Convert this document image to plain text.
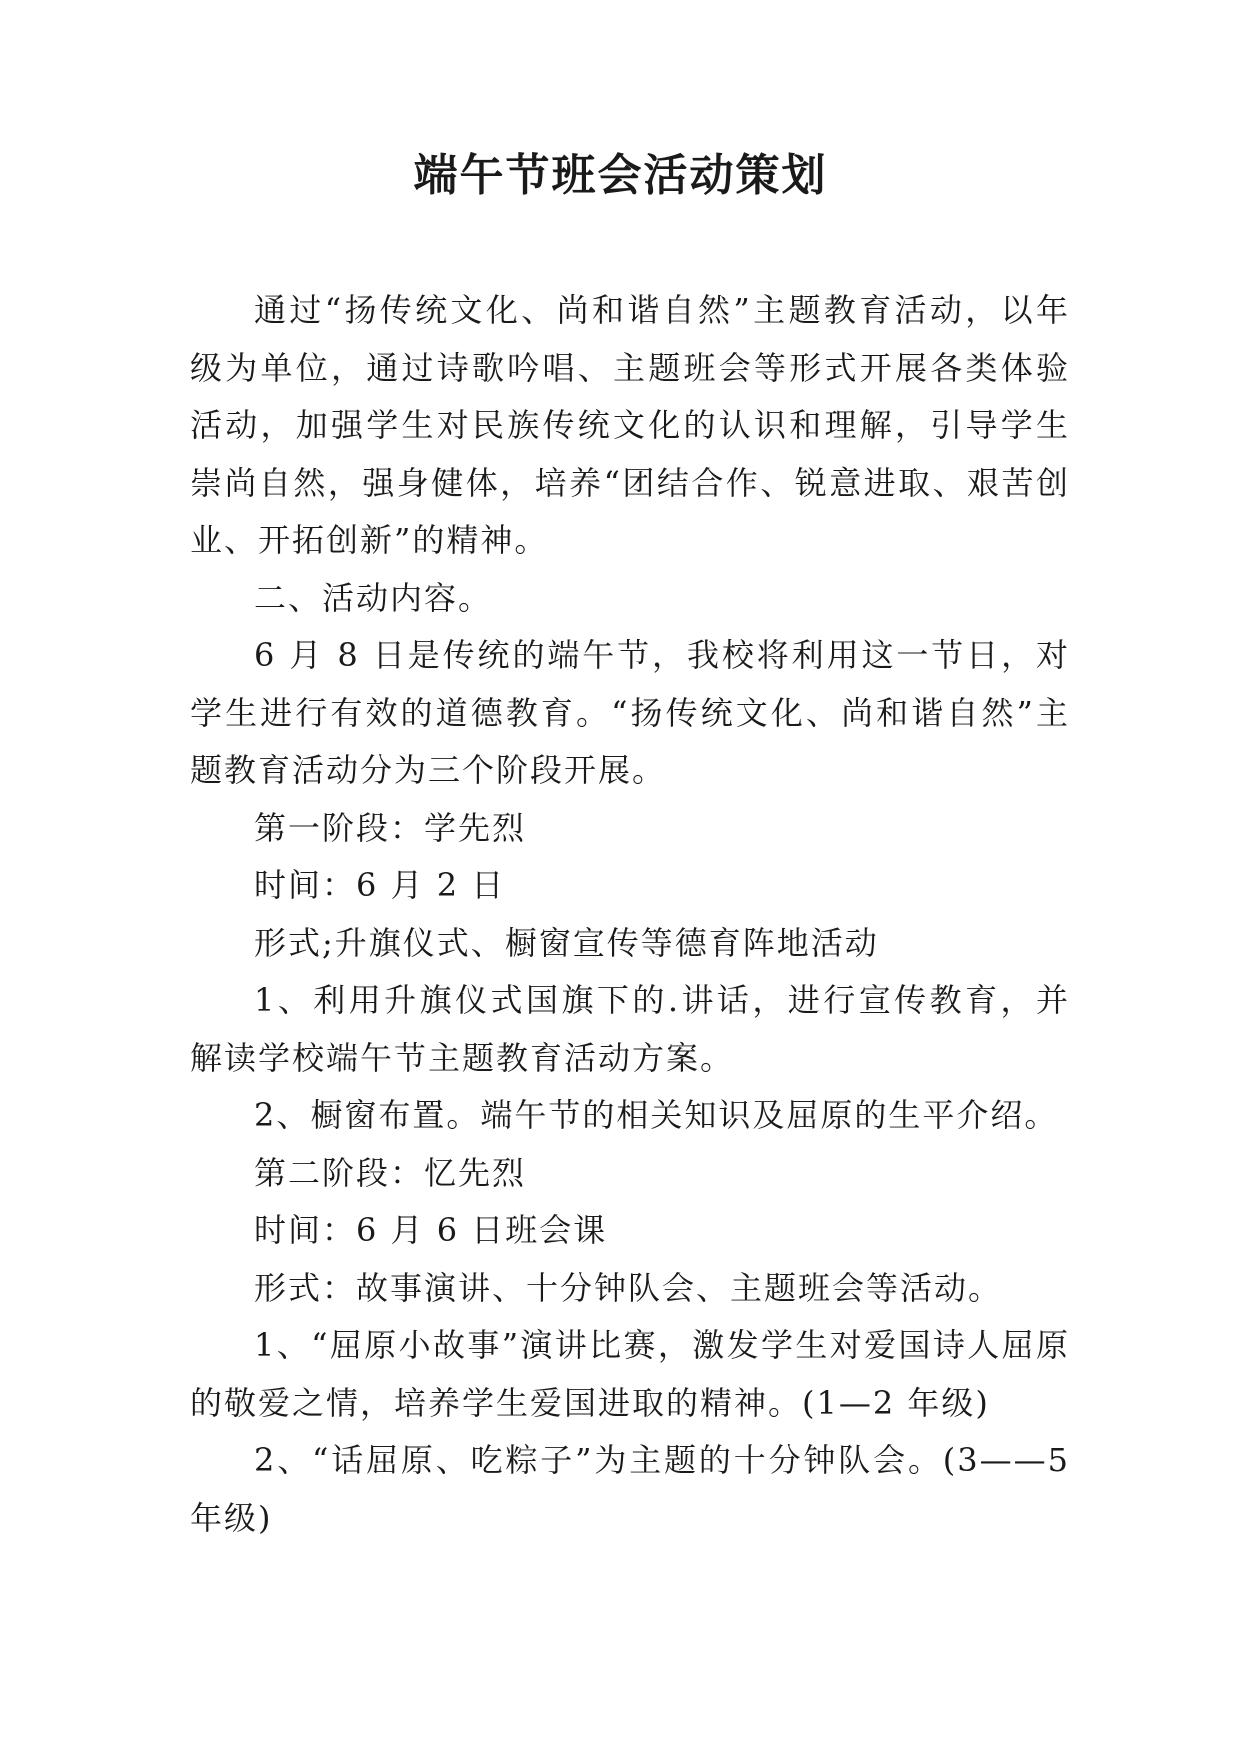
端午节班会活动策划

通过“扬传统文化、尚和谐自然”主题教育活动，以年级为单位，通过诗歌吟唱、主题班会等形式开展各类体验活动，加强学生对民族传统文化的认识和理解，引导学生崇尚自然，强身健体，培养“团结合作、锐意进取、艰苦创业、开拓创新”的精神。

二、活动内容。

6 月 8 日是传统的端午节，我校将利用这一节日，对学生进行有效的道德教育。“扬传统文化、尚和谐自然”主题教育活动分为三个阶段开展。

第一阶段：学先烈

时间：6 月 2 日

形式;升旗仪式、橱窗宣传等德育阵地活动

1、利用升旗仪式国旗下的.讲话，进行宣传教育，并解读学校端午节主题教育活动方案。

2、橱窗布置。端午节的相关知识及屈原的生平介绍。

第二阶段：忆先烈

时间：6 月 6 日班会课

形式：故事演讲、十分钟队会、主题班会等活动。

1、“屈原小故事”演讲比赛，激发学生对爱国诗人屈原的敬爱之情，培养学生爱国进取的精神。(1—2 年级)

2、“话屈原、吃粽子”为主题的十分钟队会。(3——5 年级)
